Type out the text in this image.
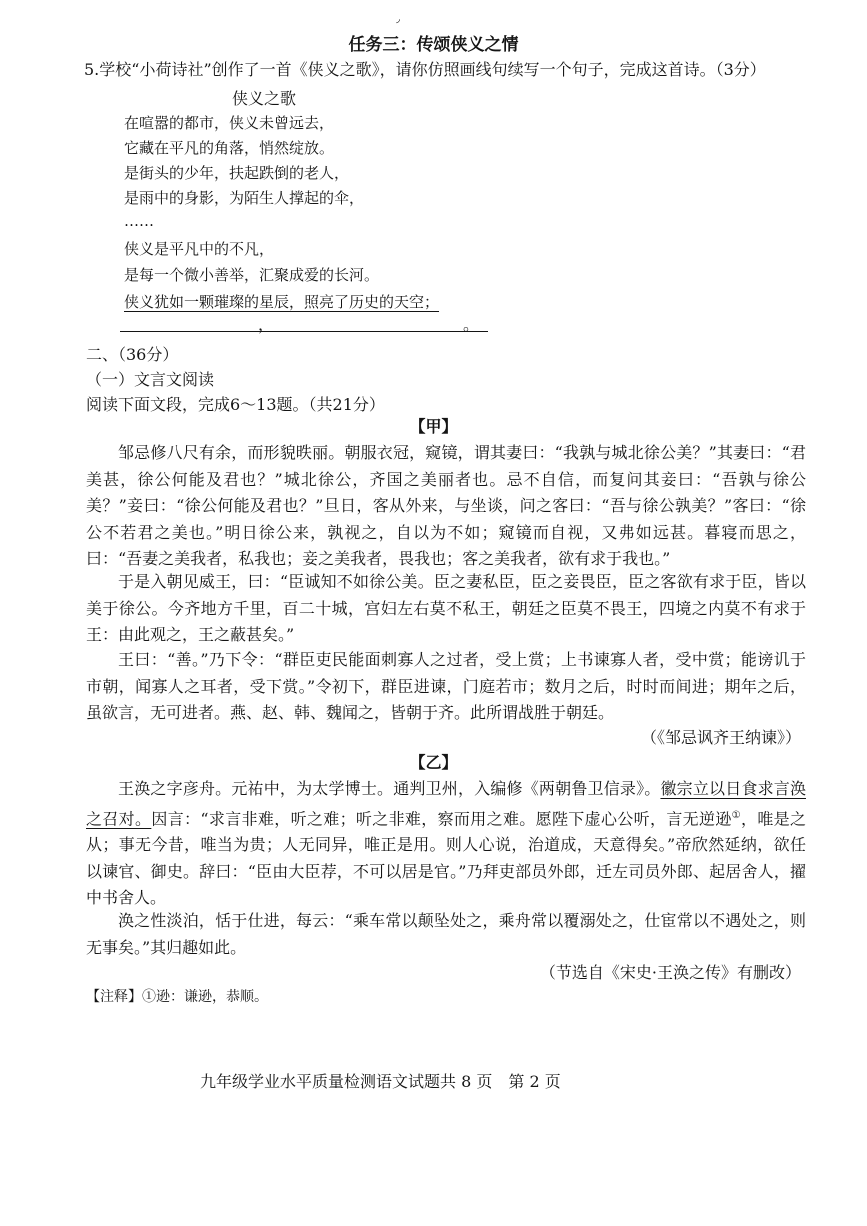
◞
任务三：传颂侠义之情
5.学校“小荷诗社”创作了一首《侠义之歌》，请你仿照画线句续写一个句子，完成这首诗。（3分）
侠义之歌
在喧嚣的都市，侠义未曾远去，
它藏在平凡的角落，悄然绽放。
是街头的少年，扶起跌倒的老人，
是雨中的身影，为陌生人撑起的伞，
……
侠义是平凡中的不凡，
是每一个微小善举，汇聚成爱的长河。
侠义犹如一颗璀璨的星辰，照亮了历史的天空；
，	。
二、（36分）
（一）文言文阅读
阅读下面文段，完成6～13题。（共21分）
【甲】

邹忌修八尺有余，而形貌昳丽。朝服衣冠，窥镜，谓其妻曰：“我孰与城北徐公美？”其妻曰：“君美甚，徐公何能及君也？”城北徐公，齐国之美丽者也。忌不自信，而复问其妾曰：“吾孰与徐公美？”妾曰：“徐公何能及君也？”旦日，客从外来，与坐谈，问之客曰：“吾与徐公孰美？”客曰：“徐公不若君之美也。”明日徐公来，孰视之，自以为不如；窥镜而自视，又弗如远甚。暮寝而思之，曰：“吾妻之美我者，私我也；妾之美我者，畏我也；客之美我者，欲有求于我也。”

于是入朝见威王，曰：“臣诚知不如徐公美。臣之妻私臣，臣之妾畏臣，臣之客欲有求于臣，皆以美于徐公。今齐地方千里，百二十城，宫妇左右莫不私王，朝廷之臣莫不畏王，四境之内莫不有求于王：由此观之，王之蔽甚矣。”

王曰：“善。”乃下令：“群臣吏民能面刺寡人之过者，受上赏；上书谏寡人者，受中赏；能谤讥于市朝，闻寡人之耳者，受下赏。”令初下，群臣进谏，门庭若市；数月之后，时时而间进；期年之后，虽欲言，无可进者。燕、赵、韩、魏闻之，皆朝于齐。此所谓战胜于朝廷。

（《邹忌讽齐王纳谏》）
【乙】

王涣之字彦舟。元祐中，为太学博士。通判卫州，入编修《两朝鲁卫信录》。徽宗立以日食求言涣之召对。因言：“求言非难，听之难；听之非难，察而用之难。愿陛下虚心公听，言无逆逊①，唯是之从；事无今昔，唯当为贵；人无同异，唯正是用。则人心说，治道成，天意得矣。”帝欣然延纳，欲任以谏官、御史。辞曰：“臣由大臣荐，不可以居是官。”乃拜吏部员外郎，迁左司员外郎、起居舍人，擢中书舍人。

涣之性淡泊，恬于仕进，每云：“乘车常以颠坠处之，乘舟常以覆溺处之，仕宦常以不遇处之，则无事矣。”其归趣如此。

（节选自《宋史·王涣之传》有删改）
【注释】①逊：谦逊，恭顺。
九年级学业水平质量检测语文试题共 8 页　第 2 页
